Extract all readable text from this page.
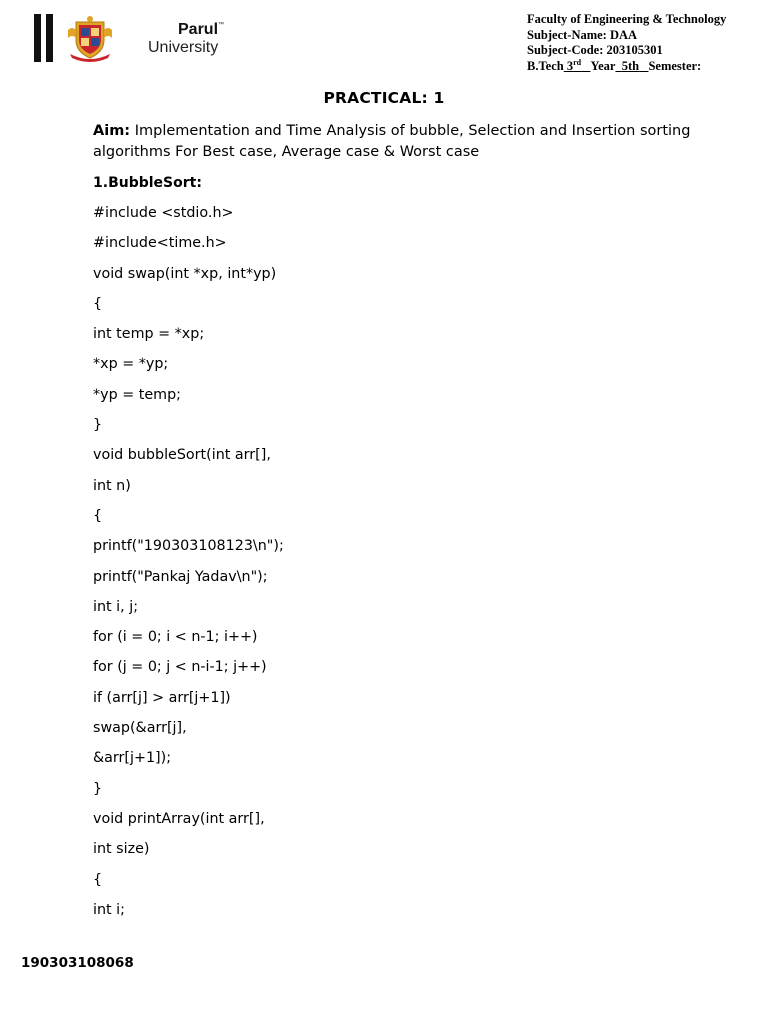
Parul™
University
Faculty of Engineering & Technology
Subject-Name: DAA
Subject-Code: 203105301
B.Tech 3rd Year 5th Semester:
PRACTICAL: 1

Aim: Implementation and Time Analysis of bubble, Selection and Insertion sorting algorithms For Best case, Average case & Worst case

1.BubbleSort:
#include <stdio.h>
#include<time.h>
void swap(int *xp, int*yp)
{
int temp = *xp;
*xp = *yp;
*yp = temp;
}
void bubbleSort(int arr[],
int n)
{
printf("190303108123\n");
printf("Pankaj Yadav\n");
int i, j;
for (i = 0; i < n-1; i++)
for (j = 0; j < n-i-1; j++)
if (arr[j] > arr[j+1])
swap(&arr[j],
&arr[j+1]);
}
void printArray(int arr[],
int size)
{
int i;
190303108068
